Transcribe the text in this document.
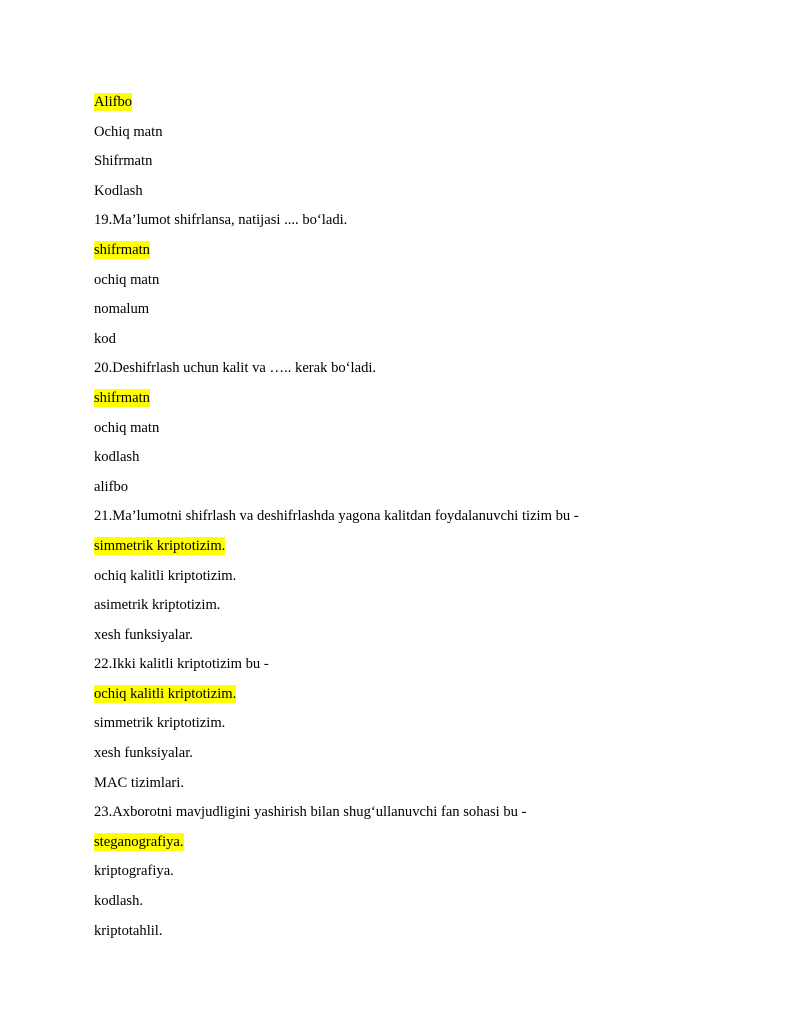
Alifbo
Ochiq matn
Shifrmatn
Kodlash
19.Ma’lumot shifrlansa, natijasi .... bo‘ladi.
shifrmatn
ochiq matn
nomalum
kod
20.Deshifrlash uchun kalit va ….. kerak bo‘ladi.
shifrmatn
ochiq matn
kodlash
alifbo
21.Ma’lumotni shifrlash va deshifrlashda yagona kalitdan foydalanuvchi tizim bu -
simmetrik kriptotizim.
ochiq kalitli kriptotizim.
asimetrik kriptotizim.
xesh funksiyalar.
22.Ikki kalitli kriptotizim bu -
ochiq kalitli kriptotizim.
simmetrik kriptotizim.
xesh funksiyalar.
MAC tizimlari.
23.Axborotni mavjudligini yashirish bilan shug‘ullanuvchi fan sohasi bu -
steganografiya.
kriptografiya.
kodlash.
kriptotahlil.
